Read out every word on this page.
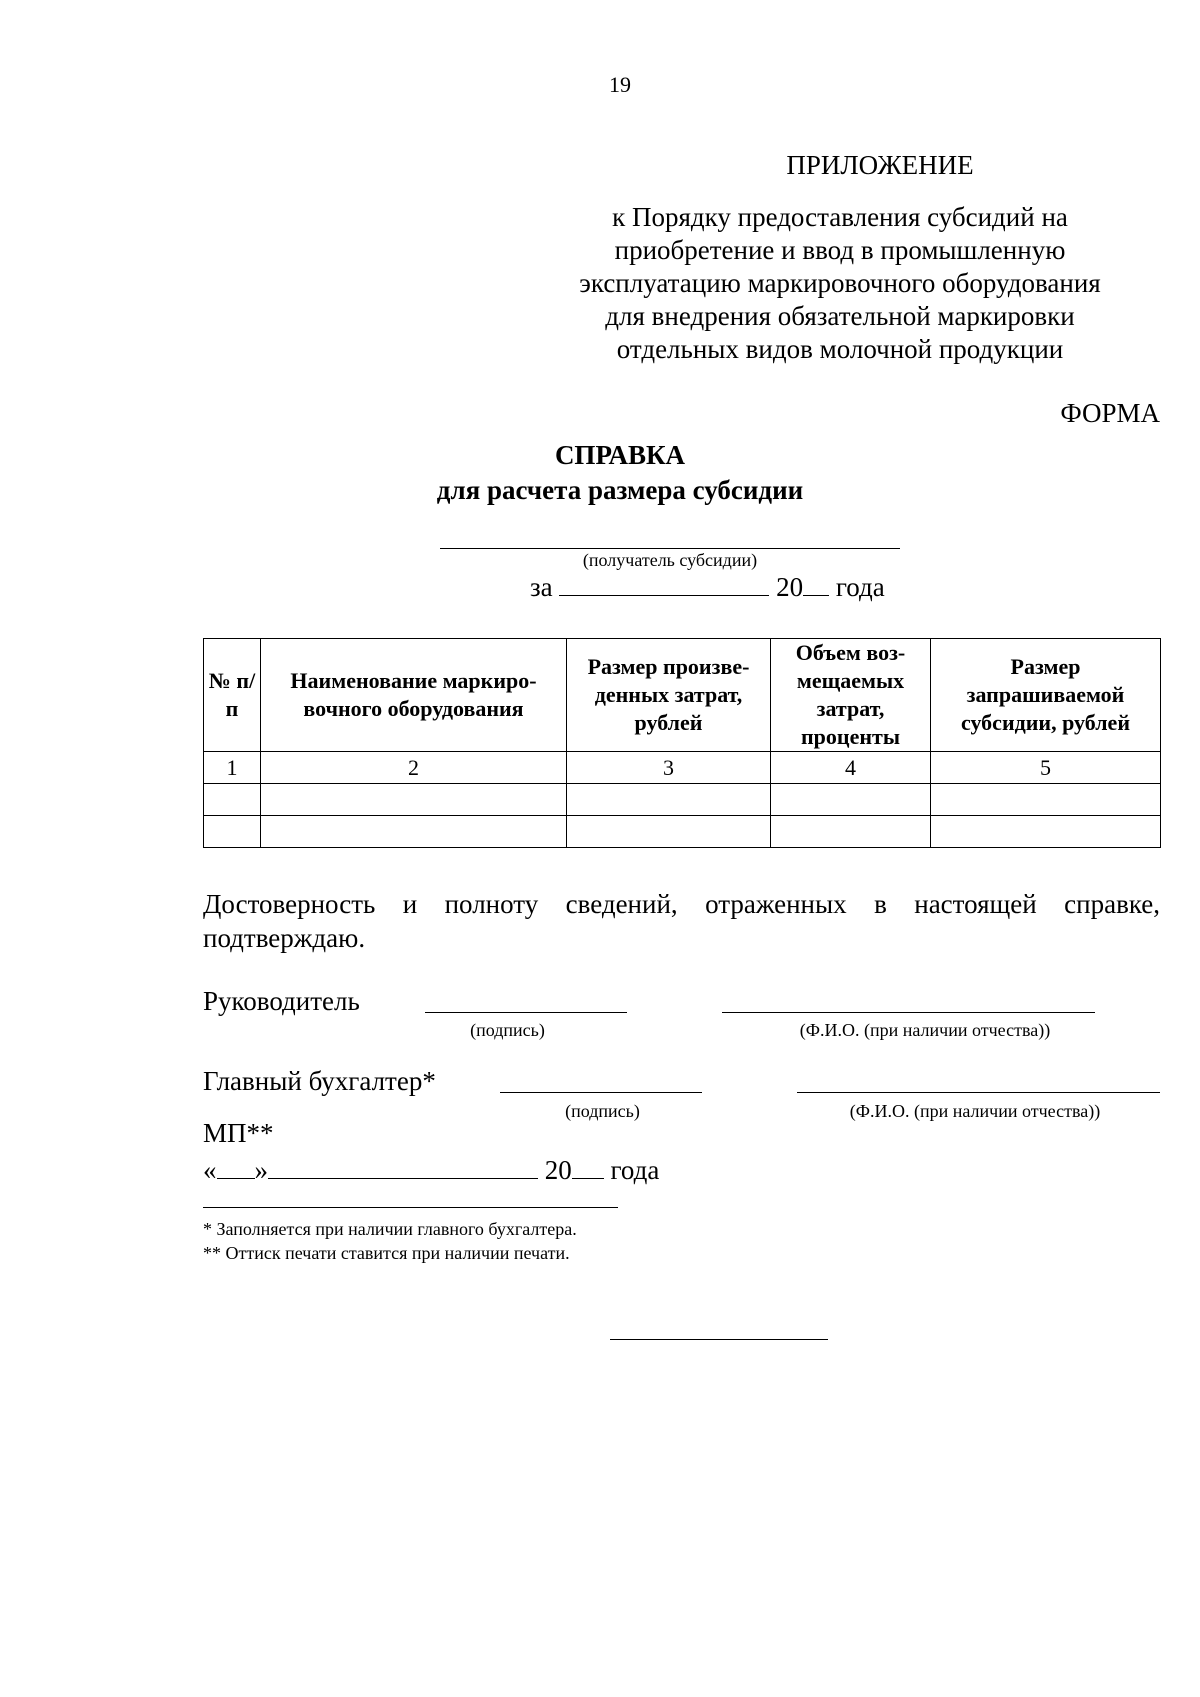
19
ПРИЛОЖЕНИЕ
к Порядку предоставления субсидий на
приобретение и ввод в промышленную
эксплуатацию маркировочного оборудования
для внедрения обязательной маркировки
отдельных видов молочной продукции
ФОРМА
СПРАВКА
для расчета размера субсидии
(получатель субсидии)
за	20 года
№ п/п	Наименование маркиро-вочного оборудования	Размер произве-денных затрат, рублей	Объем воз-мещаемых затрат, проценты	Размер запрашиваемой субсидии, рублей
1	2	3	4	5

Достоверность и полноту сведений, отраженных в настоящей справке, подтверждаю.
Руководитель
(подпись)	(Ф.И.О. (при наличии отчества))
Главный бухгалтер*
(подпись)	(Ф.И.О. (при наличии отчества))
МП**
« »	20 года
* Заполняется при наличии главного бухгалтера.
** Оттиск печати ставится при наличии печати.
